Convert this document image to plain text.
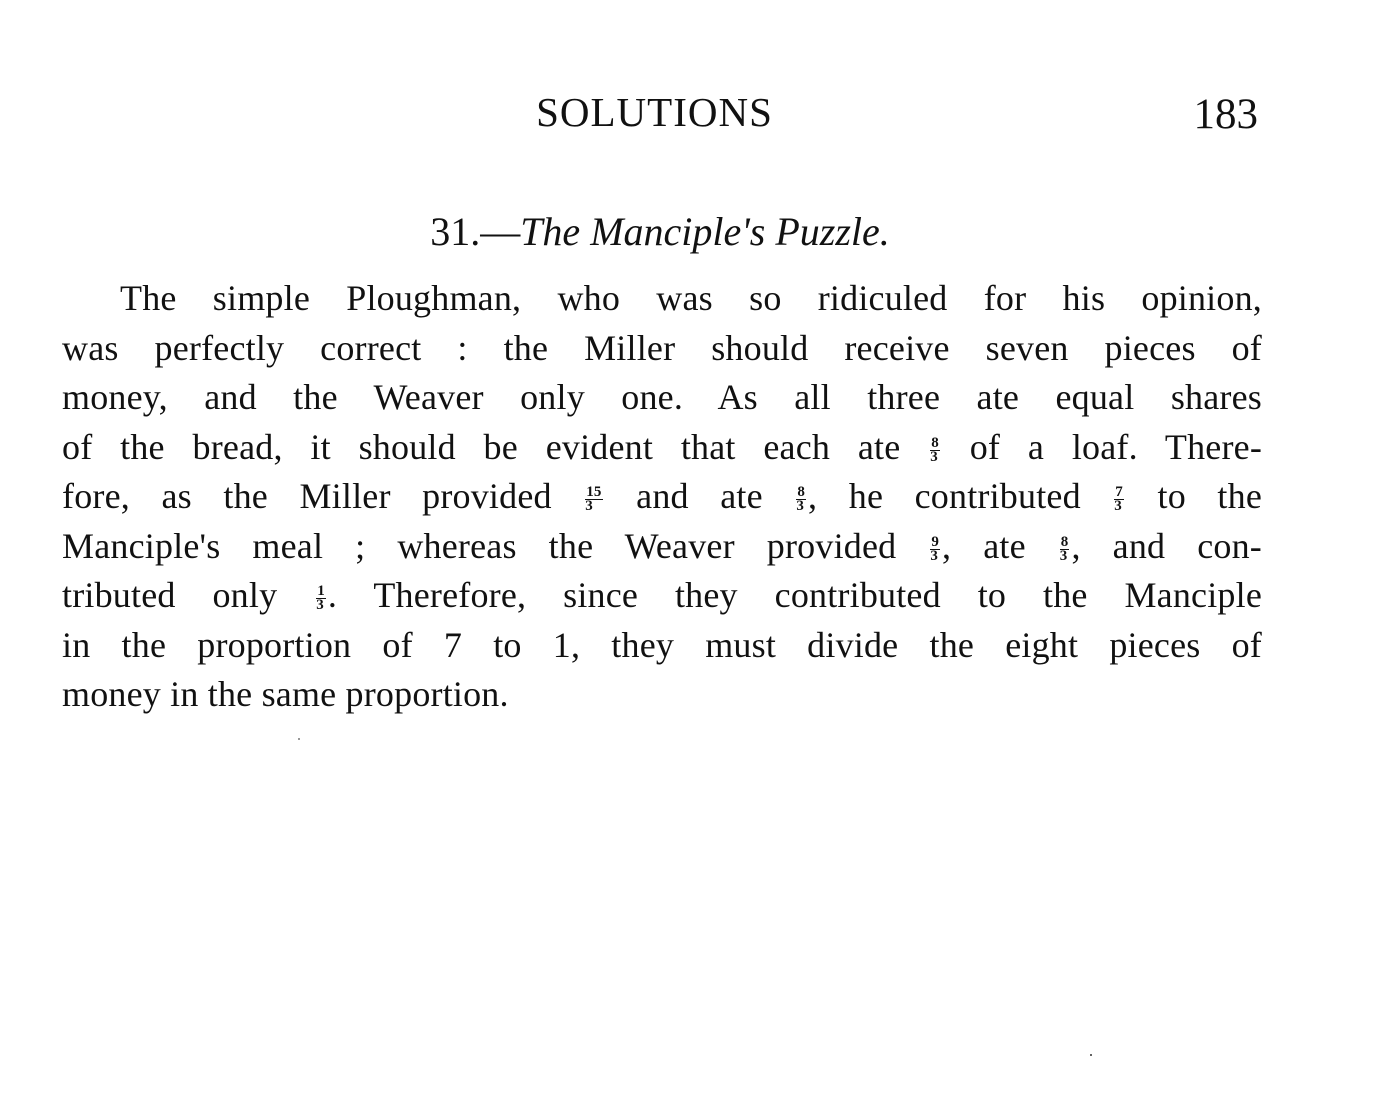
SOLUTIONS	183
31.—The Manciple's Puzzle.
The simple Ploughman, who was so ridiculed for his opinion,
was perfectly correct : the Miller should receive seven pieces of
money, and the Weaver only one. As all three ate equal shares
of the bread, it should be evident that each ate $\frac{8}{3}$ of a loaf. There-
fore, as the Miller provided $\frac{15}{3}$ and ate $\frac{8}{3}$ , he contributed $\frac{7}{3}$ to the
Manciple's meal ; whereas the Weaver provided $\frac{9}{3}$ , ate $\frac{8}{3}$ , and con-
tributed only	$\frac{1}{3}$ . Therefore, since they contributed to the Manciple
in the proportion of 7 to 1, they must divide the eight pieces of
money in the same proportion.
